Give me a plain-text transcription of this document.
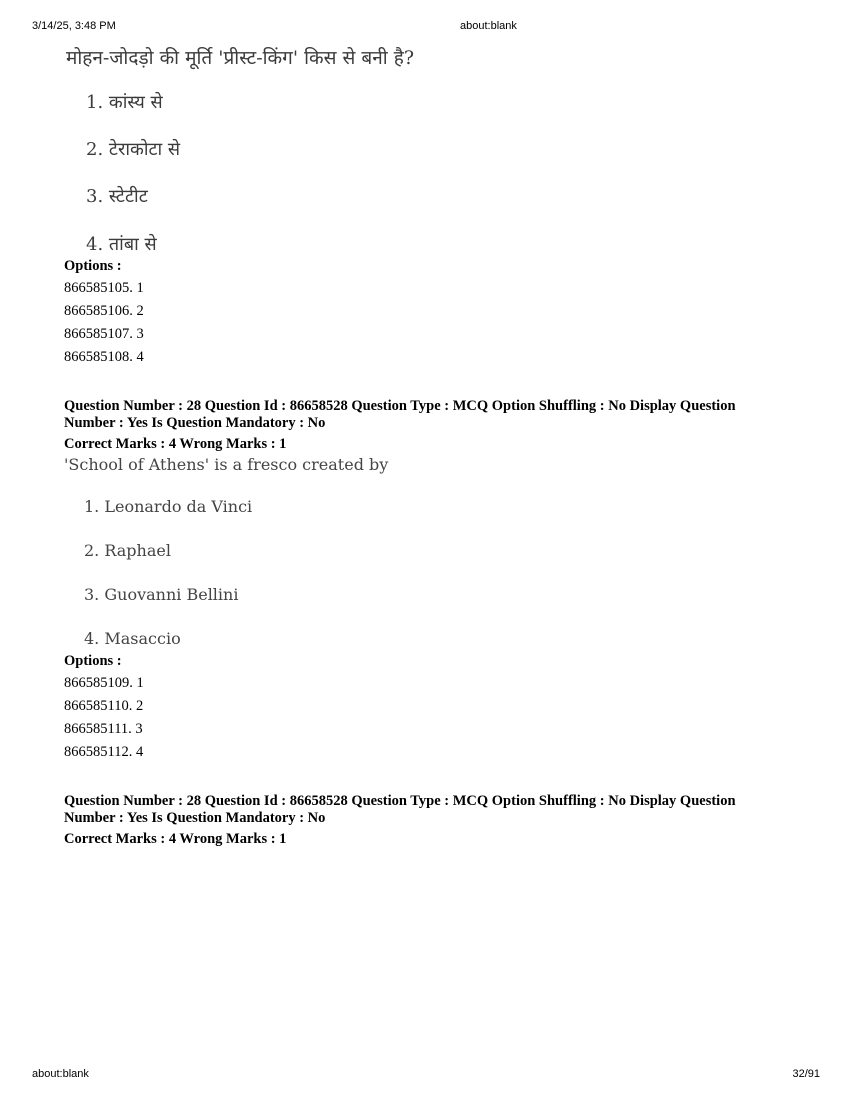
3/14/25, 3:48 PM	about:blank
about:blank	32/91
मोहन-जोदड़ो की मूर्ति 'प्रीस्ट-किंग' किस से बनी है?
1. कांस्य से
2. टेराकोटा से
3. स्टेटीट
4. तांबा से
Options :
866585105. 1
866585106. 2
866585107. 3
866585108. 4
Question Number : 28 Question Id : 86658528 Question Type : MCQ Option Shuffling : No Display Question
Number : Yes Is Question Mandatory : No
Correct Marks : 4 Wrong Marks : 1
'School of Athens' is a fresco created by
1. Leonardo da Vinci
2. Raphael
3. Guovanni Bellini
4. Masaccio
Options :
866585109. 1
866585110. 2
866585111. 3
866585112. 4
Question Number : 28 Question Id : 86658528 Question Type : MCQ Option Shuffling : No Display Question
Number : Yes Is Question Mandatory : No
Correct Marks : 4 Wrong Marks : 1
